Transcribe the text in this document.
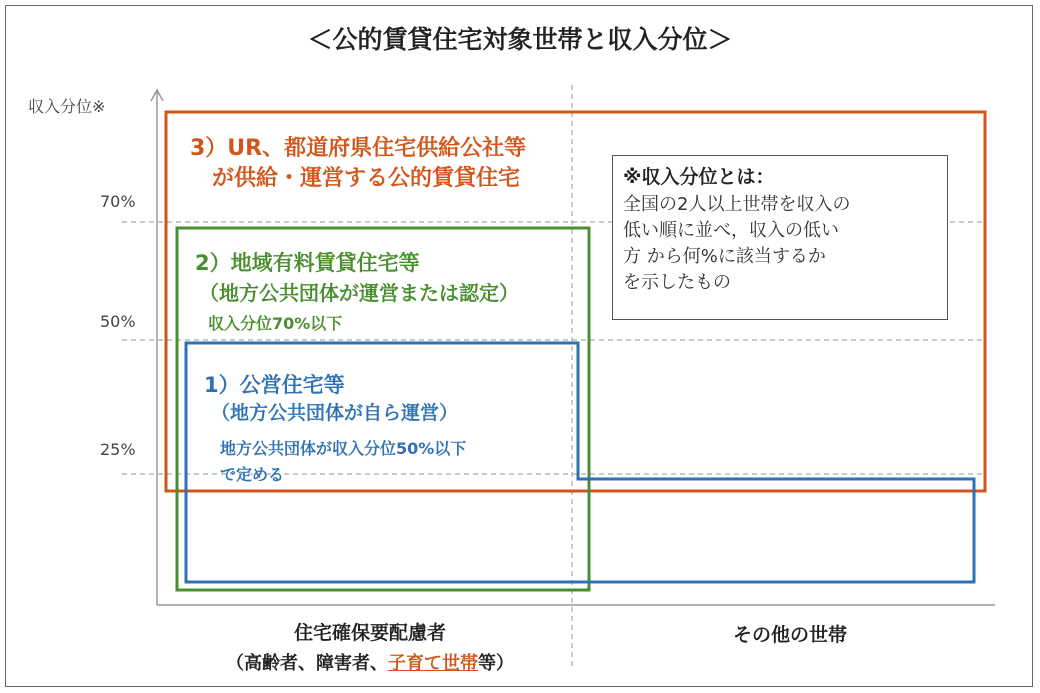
＜公的賃貸住宅対象世帯と収入分位＞
収入分位※
70%
50%
25%
3）UR、都道府県住宅供給公社等
が供給・運営する公的賃貸住宅
2）地域有料賃貸住宅等
（地方公共団体が運営または認定）
収入分位70%以下
1）公営住宅等
（地方公共団体が自ら運営）
地方公共団体が収入分位50%以下
で定める
※収入分位とは：
全国の2人以上世帯を収入の
低い順に並べ，収入の低い
方 から何%に該当するか
を示したもの
住宅確保要配慮者
（高齢者、障害者、子育て世帯等）
その他の世帯
